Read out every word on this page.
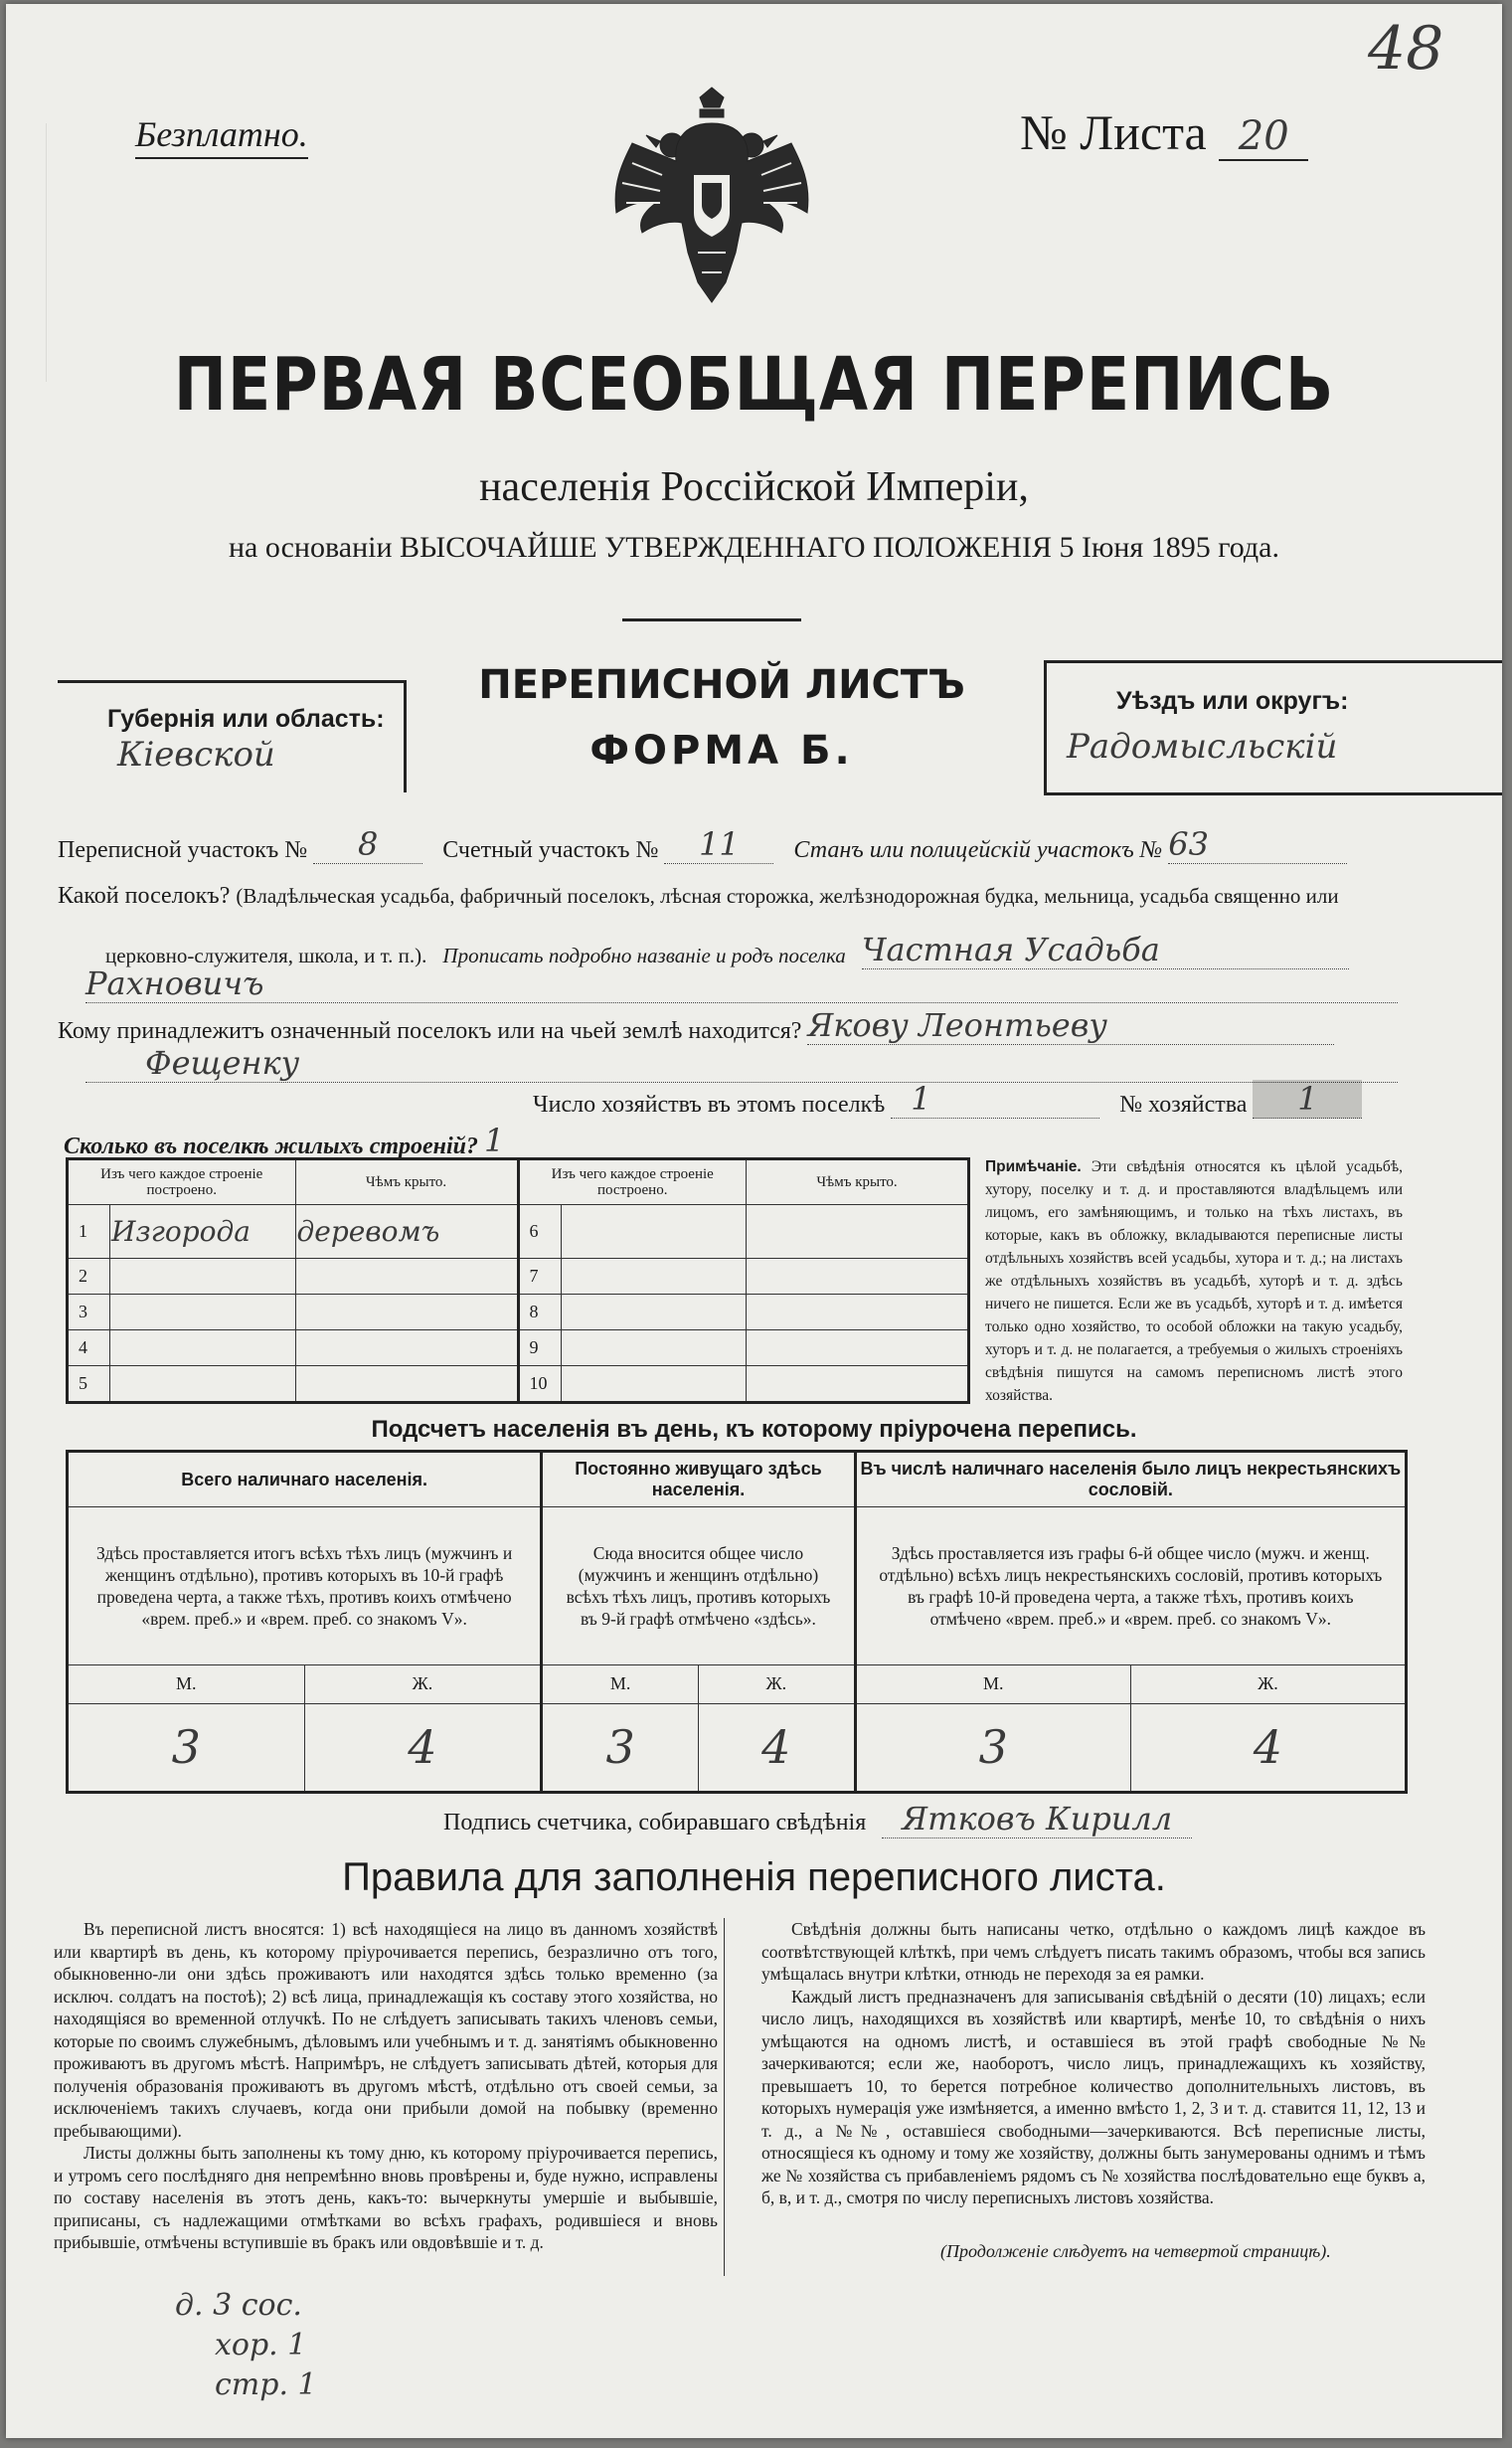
Безплатно.	№ Листа 20
48
ПЕРВАЯ ВСЕОБЩАЯ ПЕРЕПИСЬ
населенія Россійской Имперіи,
на основаніи ВЫСОЧАЙШЕ УТВЕРЖДЕННАГО ПОЛОЖЕНІЯ 5 Іюня 1895 года.
Губернія или область:
Кіевской
ПЕРЕПИСНОЙ ЛИСТЪ
ФОРМА Б.
Уѣздъ или округъ:
Радомысльскій
Переписной участокъ № 8	Счетный участокъ № 11 Станъ или полицейскій участокъ № 63
Какой поселокъ? (Владѣльческая усадьба, фабричный поселокъ, лѣсная сторожка, желѣзнодорожная будка, мельница, усадьба священно или
церковно-служителя, школа, и т. п.). Прописать подробно названіе и родъ поселка Частная Усадьба
Рахновичъ
Кому принадлежитъ означенный поселокъ или на чьей землѣ находится? Якову Леонтьеву
Фещенку
Число хозяйствъ въ этомъ поселкѣ 1	№ хозяйства 1
Сколько въ поселкѣ жилыхъ строеній? 1
Изъ чего каждое строеніе построено.		Чѣмъ крыто.	Изъ чего каждое строеніе построено.		Чѣмъ крыто.
1	Изгорода	деревомъ	6		
2			7		
3			8		
4			9		
5			10		
Примѣчаніе. Эти свѣдѣнія относятся къ цѣлой усадьбѣ, хутору, поселку и т. д. и проставляются владѣльцемъ или лицомъ, его замѣняющимъ, и только на тѣхъ листахъ, въ которые, какъ въ обложку, вкладываются переписные листы отдѣльныхъ хозяйствъ всей усадьбы, хутора и т. д.; на листахъ же отдѣльныхъ хозяйствъ въ усадьбѣ, хуторѣ и т. д. здѣсь ничего не пишется. Если же въ усадьбѣ, хуторѣ и т. д. имѣется только одно хозяйство, то особой обложки на такую усадьбу, хуторъ и т. д. не полагается, а требуемыя о жилыхъ строеніяхъ свѣдѣнія пишутся на самомъ переписномъ листѣ этого хозяйства.
Подсчетъ населенія въ день, къ которому пріурочена перепись.
Всего наличнаго населенія.		Постоянно живущаго здѣсь населенія.		Въ числѣ наличнаго населенія было лицъ некрестьянскихъ сословій.	
Здѣсь проставляется итогъ всѣхъ тѣхъ лицъ (мужчинъ и женщинъ отдѣльно), противъ которыхъ въ 10-й графѣ проведена черта, а также тѣхъ, противъ коихъ отмѣчено «врем. преб.» и «врем. преб. со знакомъ V».		Сюда вносится общее число (мужчинъ и женщинъ отдѣльно) всѣхъ тѣхъ лицъ, противъ которыхъ въ 9-й графѣ отмѣчено «здѣсь».		Здѣсь проставляется изъ графы 6-й общее число (мужч. и женщ. отдѣльно) всѣхъ лицъ некрестьянскихъ сословій, противъ которыхъ въ графѣ 10-й проведена черта, а также тѣхъ, противъ коихъ отмѣчено «врем. преб.» и «врем. преб. со знакомъ V».	
М.	Ж.	М.	Ж.	М.	Ж.
3	4	3	4	3	4
Подпись счетчика, собиравшаго свѣдѣнія Ятковъ Кирилл
Правила для заполненія переписного листа.

Въ переписной листъ вносятся: 1) всѣ находящіеся на лицо въ данномъ хозяйствѣ или квартирѣ въ день, къ которому пріурочивается перепись, безразлично отъ того, обыкновенно-ли они здѣсь проживаютъ или находятся здѣсь только временно (за исключ. солдатъ на постоѣ); 2) всѣ лица, принадлежащія къ составу этого хозяйства, но находящіяся во временной отлучкѣ. По не слѣдуетъ записывать такихъ членовъ семьи, которые по своимъ служебнымъ, дѣловымъ или учебнымъ и т. д. занятіямъ обыкновенно проживаютъ въ другомъ мѣстѣ. Напримѣръ, не слѣдуетъ записывать дѣтей, которыя для полученія образованія проживаютъ въ другомъ мѣстѣ, отдѣльно отъ своей семьи, за исключеніемъ такихъ случаевъ, когда они прибыли домой на побывку (временно пребывающими).

Листы должны быть заполнены къ тому дню, къ которому пріурочивается перепись, и утромъ сего послѣдняго дня непремѣнно вновь провѣрены и, буде нужно, исправлены по составу населенія въ этотъ день, какъ-то: вычеркнуты умершіе и выбывшіе, приписаны, съ надлежащими отмѣтками во всѣхъ графахъ, родившіеся и вновь прибывшіе, отмѣчены вступившіе въ бракъ или овдовѣвшіе и т. д.

Свѣдѣнія должны быть написаны четко, отдѣльно о каждомъ лицѣ каждое въ соотвѣтствующей клѣткѣ, при чемъ слѣдуетъ писать такимъ образомъ, чтобы вся запись умѣщалась внутри клѣтки, отнюдь не переходя за ея рамки.

Каждый листъ предназначенъ для записыванія свѣдѣній о десяти (10) лицахъ; если число лицъ, находящихся въ хозяйствѣ или квартирѣ, менѣе 10, то свѣдѣнія о нихъ умѣщаются на одномъ листѣ, и оставшіеся въ этой графѣ свободные №№ зачеркиваются; если же, наоборотъ, число лицъ, принадлежащихъ къ хозяйству, превышаетъ 10, то берется потребное количество дополнительныхъ листовъ, въ которыхъ нумерація уже измѣняется, а именно вмѣсто 1, 2, 3 и т. д. ставится 11, 12, 13 и т. д., а №№, оставшіеся свободными—зачеркиваются. Всѣ переписные листы, относящіеся къ одному и тому же хозяйству, должны быть занумерованы однимъ и тѣмъ же № хозяйства съ прибавленіемъ рядомъ съ № хозяйства послѣдовательно еще буквъ а, б, в, и т. д., смотря по числу переписныхъ листовъ хозяйства.

(Продолженіе слѣдуетъ на четвертой страницѣ).
д. 3 сос.
хор. 1
стр. 1
